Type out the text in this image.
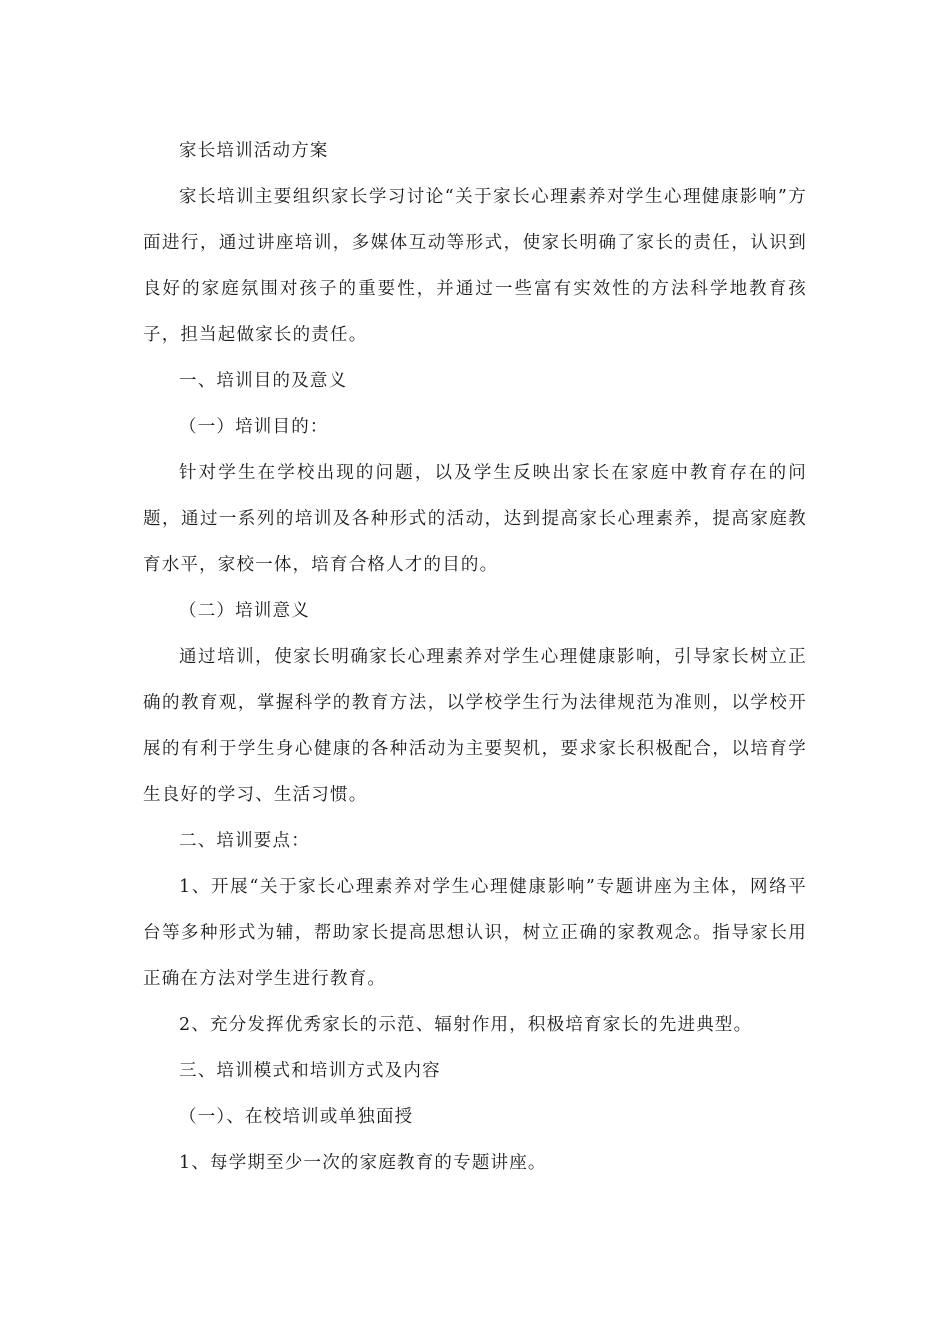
家长培训活动方案

家长培训主要组织家长学习讨论“关于家长心理素养对学生心理健康影响”方面进行，通过讲座培训，多媒体互动等形式，使家长明确了家长的责任，认识到良好的家庭氛围对孩子的重要性，并通过一些富有实效性的方法科学地教育孩子，担当起做家长的责任。

一、培训目的及意义

（一）培训目的：

针对学生在学校出现的问题，以及学生反映出家长在家庭中教育存在的问题，通过一系列的培训及各种形式的活动，达到提高家长心理素养，提高家庭教育水平，家校一体，培育合格人才的目的。

（二）培训意义

通过培训，使家长明确家长心理素养对学生心理健康影响，引导家长树立正确的教育观，掌握科学的教育方法，以学校学生行为法律规范为准则，以学校开展的有利于学生身心健康的各种活动为主要契机，要求家长积极配合，以培育学生良好的学习、生活习惯。

二、培训要点：

1、开展“关于家长心理素养对学生心理健康影响”专题讲座为主体，网络平台等多种形式为辅，帮助家长提高思想认识，树立正确的家教观念。指导家长用正确在方法对学生进行教育。

2、充分发挥优秀家长的示范、辐射作用，积极培育家长的先进典型。

三、培训模式和培训方式及内容

（一）、在校培训或单独面授

1、每学期至少一次的家庭教育的专题讲座。
